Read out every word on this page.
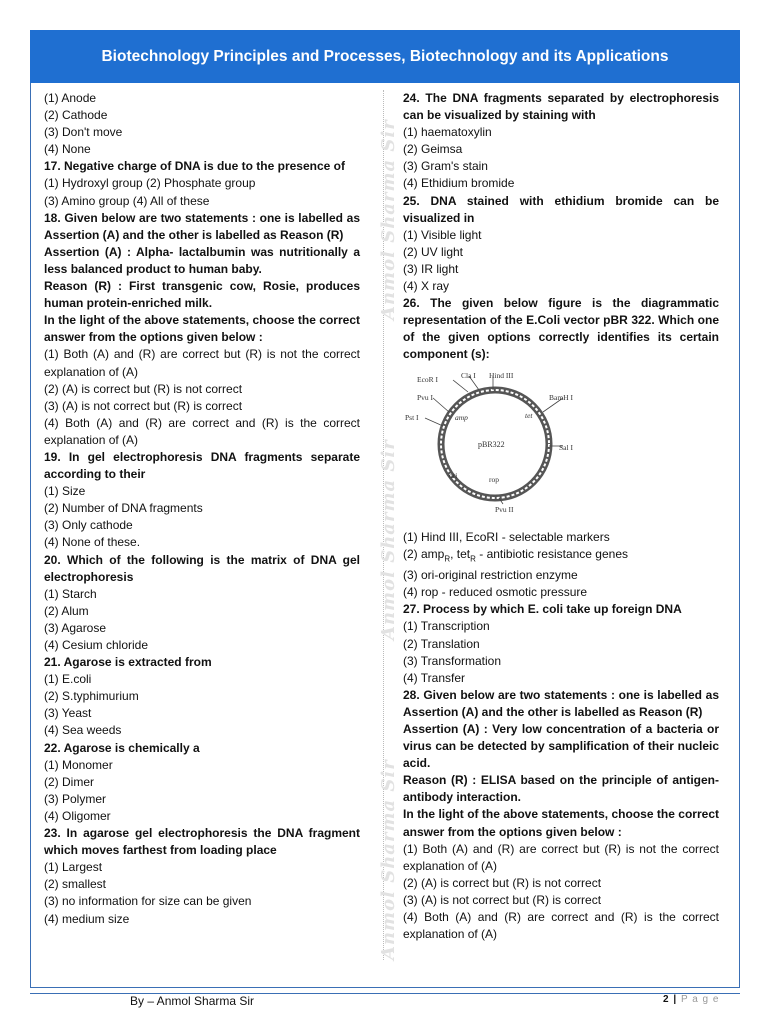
Biotechnology Principles and Processes, Biotechnology and its Applications
Anmol Sharma Sir
Anmol Sharma Sir
Anmol Sharma Sir

(1) Anode

(2) Cathode

(3) Don't move

(4) None

17. Negative charge of DNA is due to the presence of

(1) Hydroxyl group (2) Phosphate group

(3) Amino group (4) All of these

18. Given below are two statements : one is labelled as Assertion (A) and the other is labelled as Reason (R)

Assertion (A) : Alpha- lactalbumin was nutritionally a less balanced product to human baby.

Reason (R) : First transgenic cow, Rosie, produces human protein-enriched milk.

In the light of the above statements, choose the correct answer from the options given below :

(1) Both (A) and (R) are correct but (R) is not the correct explanation of (A)

(2) (A) is correct but (R) is not correct

(3) (A) is not correct but (R) is correct

(4) Both (A) and (R) are correct and (R) is the correct explanation of (A)

19. In gel electrophoresis DNA fragments separate according to their

(1) Size

(2) Number of DNA fragments

(3) Only cathode

(4) None of these.

20. Which of the following is the matrix of DNA gel electrophoresis

(1) Starch

(2) Alum

(3) Agarose

(4) Cesium chloride

21. Agarose is extracted from

(1) E.coli

(2) S.typhimurium

(3) Yeast

(4) Sea weeds

22. Agarose is chemically a

(1) Monomer

(2) Dimer

(3) Polymer

(4) Oligomer

23. In agarose gel electrophoresis the DNA fragment which moves farthest from loading place

(1) Largest

(2) smallest

(3) no information for size can be given

(4) medium size

24. The DNA fragments separated by electrophoresis can be visualized by staining with

(1) haematoxylin

(2) Geimsa

(3) Gram's stain

(4) Ethidium bromide

25. DNA stained with ethidium bromide can be visualized in

(1) Visible light

(2) UV light

(3) IR light

(4) X ray

26. The given below figure is the diagrammatic representation of the E.Coli vector pBR 322. Which one of the given options correctly identifies its certain component (s):

EcoR I	Cla I Hind III
Pvu I	BamH I
Pst I	amp	tet
pBR322	Sal I
ori	rop
Pvu II

(1) Hind III, EcoRI - selectable markers

(2) amp$_R$, tet$_R$ - antibiotic resistance genes

(3) ori-original restriction enzyme

(4) rop - reduced osmotic pressure

27. Process by which E. coli take up foreign DNA

(1) Transcription

(2) Translation

(3) Transformation

(4) Transfer

28. Given below are two statements : one is labelled as Assertion (A) and the other is labelled as Reason (R)

Assertion (A) : Very low concentration of a bacteria or virus can be detected by samplification of their nucleic acid.

Reason (R) : ELISA based on the principle of antigen-antibody interaction.

In the light of the above statements, choose the correct answer from the options given below :

(1) Both (A) and (R) are correct but (R) is not the correct explanation of (A)

(2) (A) is correct but (R) is not correct

(3) (A) is not correct but (R) is correct

(4) Both (A) and (R) are correct and (R) is the correct explanation of (A)

By – Anmol Sharma Sir	2 | P a g e
